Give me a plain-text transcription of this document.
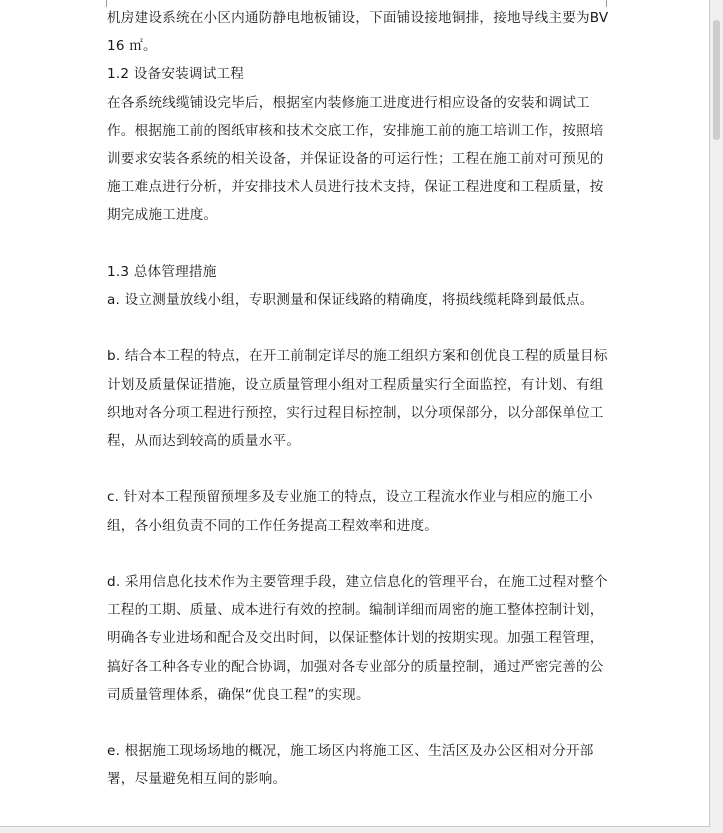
机房建设系统在小区内通防静电地板铺设，下面铺设接地铜排，接地导线主要为BV16 ㎡。

1.2 设备安装调试工程

在各系统线缆铺设完毕后，根据室内装修施工进度进行相应设备的安装和调试工作。根据施工前的图纸审核和技术交底工作，安排施工前的施工培训工作，按照培训要求安装各系统的相关设备，并保证设备的可运行性；工程在施工前对可预见的施工难点进行分析，并安排技术人员进行技术支持，保证工程进度和工程质量，按期完成施工进度。

1.3 总体管理措施

a. 设立测量放线小组，专职测量和保证线路的精确度，将损线缆耗降到最低点。

b. 结合本工程的特点，在开工前制定详尽的施工组织方案和创优良工程的质量目标计划及质量保证措施，设立质量管理小组对工程质量实行全面监控，有计划、有组织地对各分项工程进行预控，实行过程目标控制，以分项保部分，以分部保单位工程，从而达到较高的质量水平。

c. 针对本工程预留预埋多及专业施工的特点，设立工程流水作业与相应的施工小组，各小组负责不同的工作任务提高工程效率和进度。

d. 采用信息化技术作为主要管理手段，建立信息化的管理平台，在施工过程对整个工程的工期、质量、成本进行有效的控制。编制详细而周密的施工整体控制计划，明确各专业进场和配合及交出时间，以保证整体计划的按期实现。加强工程管理，搞好各工种各专业的配合协调，加强对各专业部分的质量控制，通过严密完善的公司质量管理体系，确保“优良工程”的实现。

e. 根据施工现场场地的概况，施工场区内将施工区、生活区及办公区相对分开部署，尽量避免相互间的影响。
